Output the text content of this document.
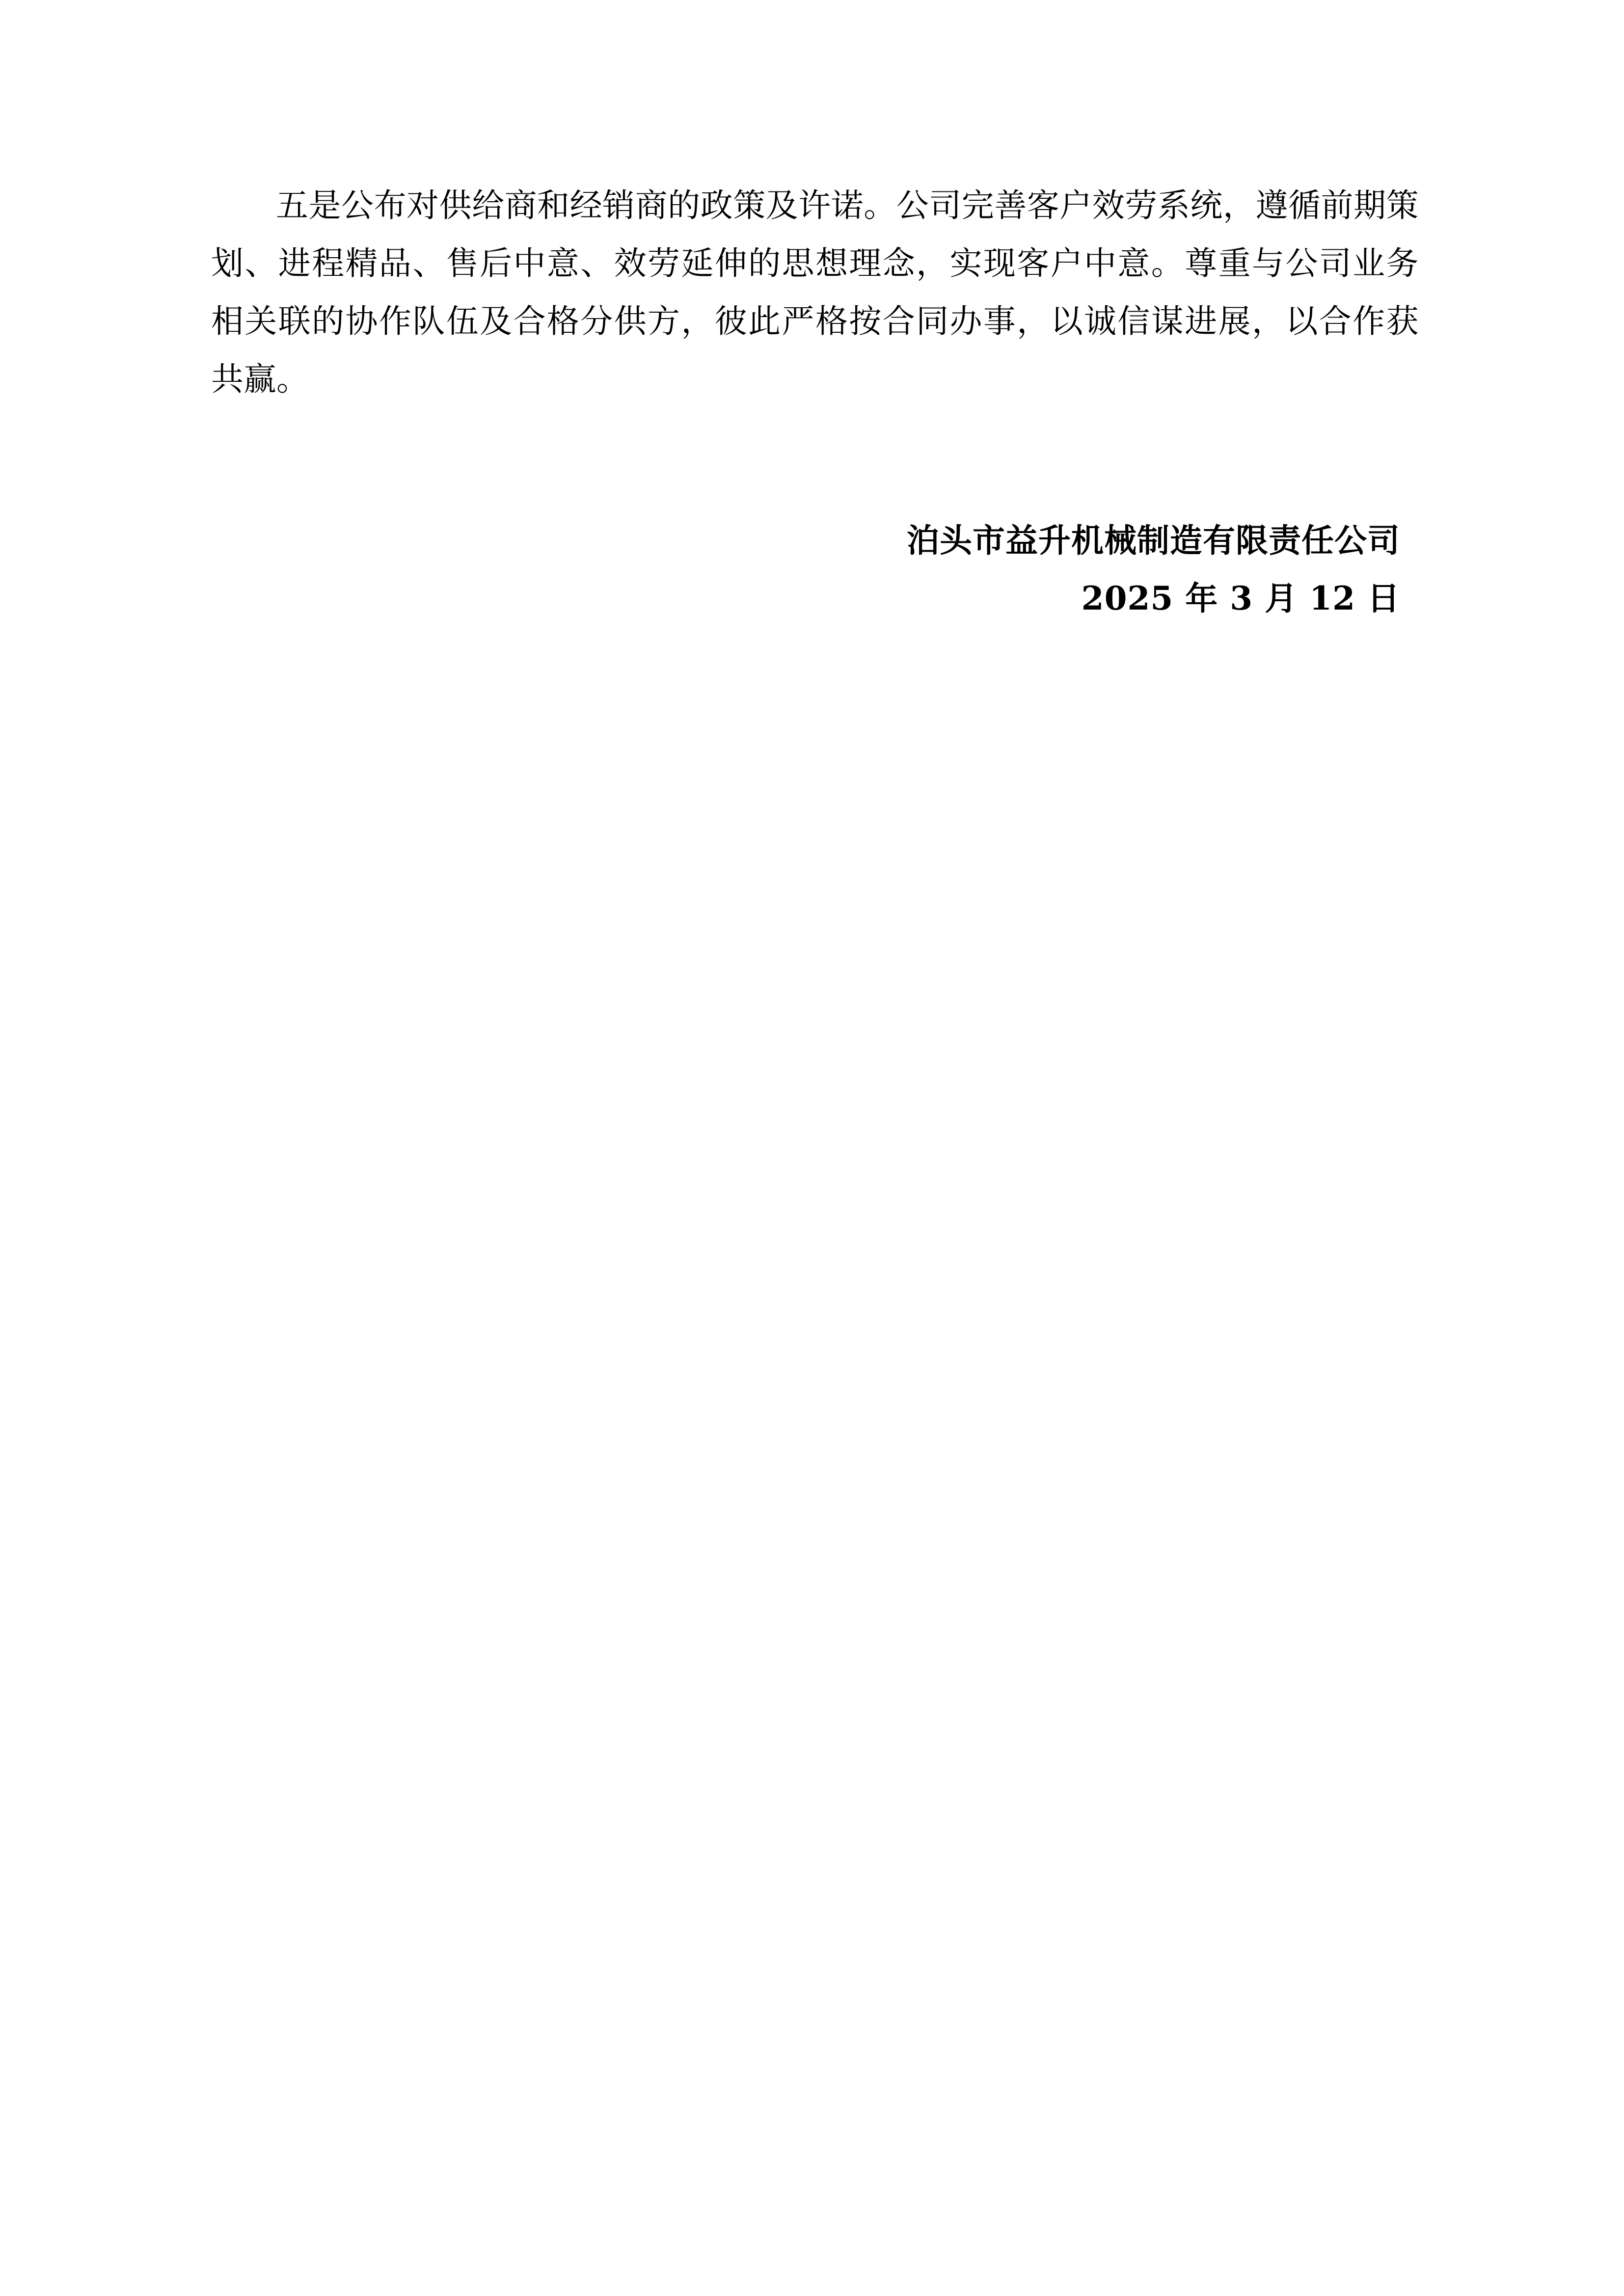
五是公布对供给商和经销商的政策及许诺。公司完善客户效劳系统，遵循前期策划、进程精品、售后中意、效劳延伸的思想理念，实现客户中意。尊重与公司业务相关联的协作队伍及合格分供方，彼此严格按合同办事，以诚信谋进展，以合作获共赢。

泊头市益升机械制造有限责任公司

2025 年 3 月 12 日
